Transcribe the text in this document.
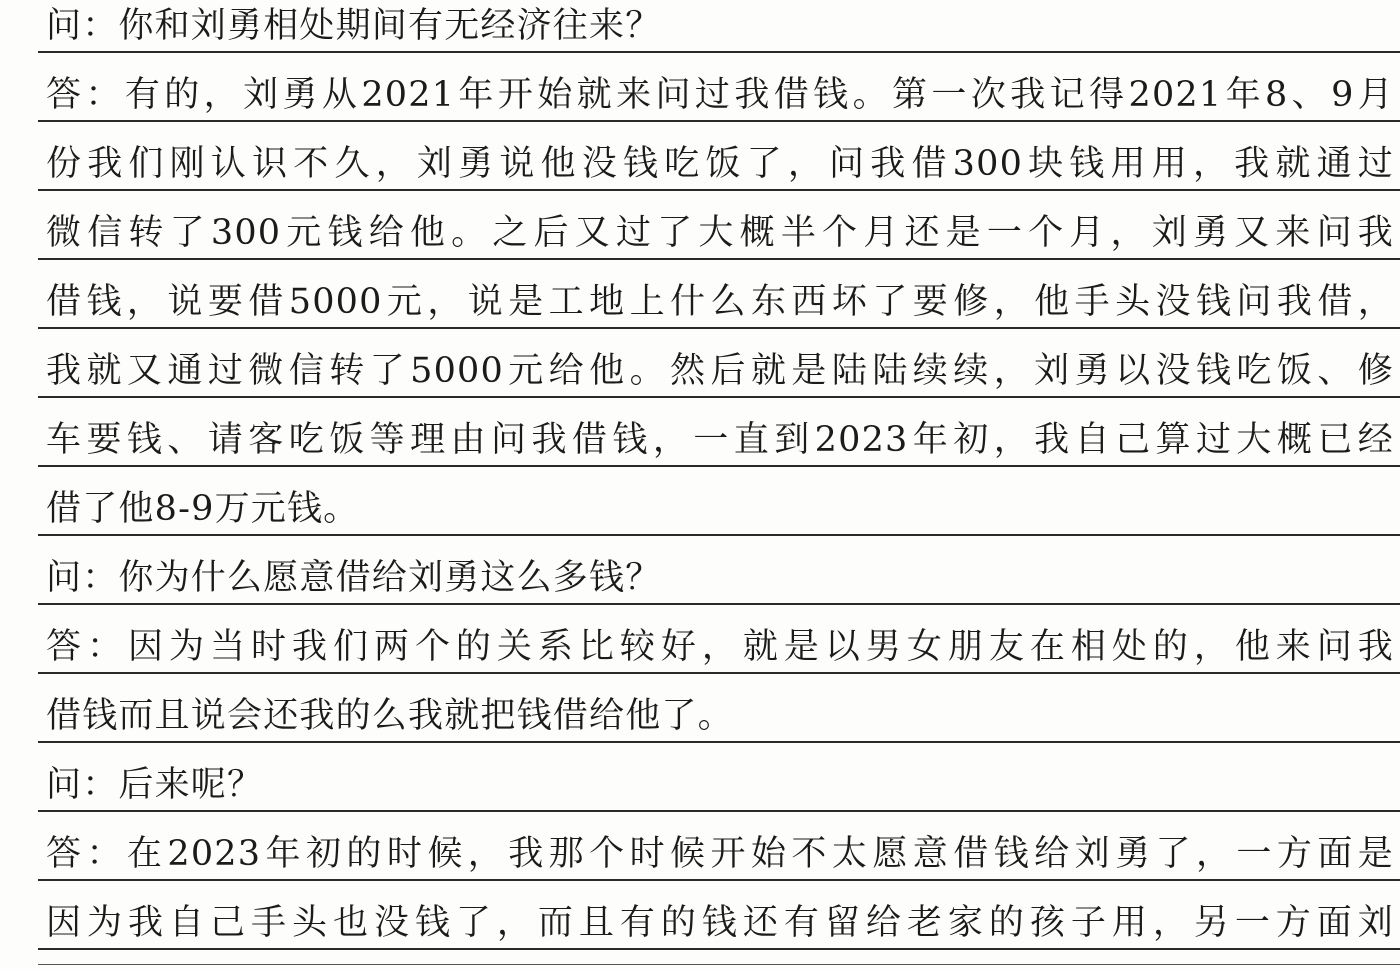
问：你和刘勇相处期间有无经济往来？
答：有的，刘勇从2021年开始就来问过我借钱。第一次我记得2021年8、9月
份我们刚认识不久，刘勇说他没钱吃饭了，问我借300块钱用用，我就通过
微信转了300元钱给他。之后又过了大概半个月还是一个月，刘勇又来问我
借钱，说要借5000元，说是工地上什么东西坏了要修，他手头没钱问我借，
我就又通过微信转了5000元给他。然后就是陆陆续续，刘勇以没钱吃饭、修
车要钱、请客吃饭等理由问我借钱，一直到2023年初，我自己算过大概已经
借了他8-9万元钱。
问：你为什么愿意借给刘勇这么多钱？
答：因为当时我们两个的关系比较好，就是以男女朋友在相处的，他来问我
借钱而且说会还我的么我就把钱借给他了。
问：后来呢？
答：在2023年初的时候，我那个时候开始不太愿意借钱给刘勇了，一方面是
因为我自己手头也没钱了，而且有的钱还有留给老家的孩子用，另一方面刘
